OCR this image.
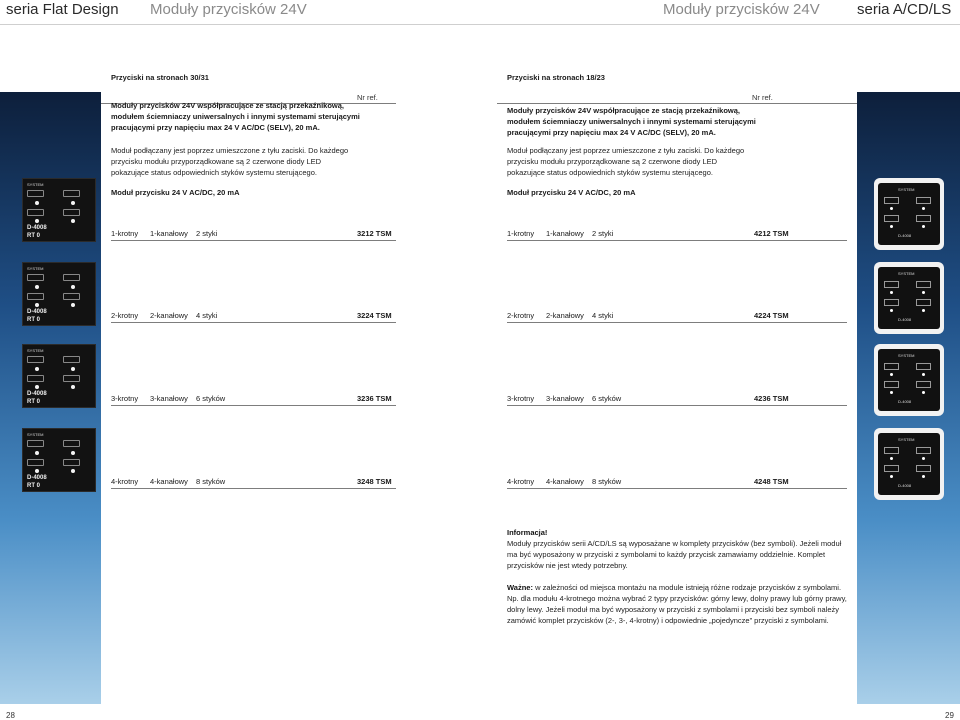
seria Flat Design Moduły przycisków 24V	Moduły przycisków 24V seria A/CD/LS
Przyciski na stronach 30/31	Przyciski na stronach 18/23
Nr ref.
Moduły przycisków 24V współpracujące ze stacją przekaźnikową, modułem ściemniaczy uniwersalnych i innymi systemami sterującymi pracującymi przy napięciu max 24 V AC/DC (SELV), 20 mA.
Moduł podłączany jest poprzez umieszczone z tyłu zaciski. Do każdego przycisku modułu przyporządkowane są 2 czerwone diody LED pokazujące status odpowiednich styków systemu sterującego.
Moduł przycisku 24 V AC/DC, 20 mA
1-krotny 1-kanałowy 2 styki	3212 TSM
2-krotny 2-kanałowy 4 styki	3224 TSM
3-krotny 3-kanałowy 6 styków	3236 TSM
4-krotny 4-kanałowy 8 styków	3248 TSM
SYSTEM
D-4008
RT 0
SYSTEM
D-4008
RT 0
SYSTEM
D-4008
RT 0
SYSTEM
D-4008
RT 0
Nr ref.
Moduły przycisków 24V współpracujące ze stacją przekaźnikową, modułem ściemniaczy uniwersalnych i innymi systemami sterującymi pracującymi przy napięciu max 24 V AC/DC (SELV), 20 mA.
Moduł podłączany jest poprzez umieszczone z tyłu zaciski. Do każdego przycisku modułu przyporządkowane są 2 czerwone diody LED pokazujące status odpowiednich styków systemu sterującego.
Moduł przycisku 24 V AC/DC, 20 mA
1-krotny 1-kanałowy 2 styki	4212 TSM
2-krotny 2-kanałowy 4 styki	4224 TSM
3-krotny 3-kanałowy 6 styków	4236 TSM
4-krotny 4-kanałowy 8 styków	4248 TSM
SYSTEM
D-4008
SYSTEM
D-4008
SYSTEM
D-4008
SYSTEM
D-4008
Informacja!
Moduły przycisków serii A/CD/LS są wyposażane w komplety przycisków (bez symboli). Jeżeli moduł ma być wyposażony w przyciski z symbolami to każdy przycisk zamawiamy oddzielnie. Komplet przycisków nie jest wtedy potrzebny.
Ważne: w zależności od miejsca montażu na module istnieją różne rodzaje przycisków z symbolami. Np. dla modułu 4-krotnego można wybrać 2 typy przycisków: górny lewy, dolny prawy lub górny prawy, dolny lewy. Jeżeli moduł ma być wyposażony w przyciski z symbolami i przyciski bez symboli należy zamówić komplet przycisków (2-, 3-, 4-krotny) i odpowiednie „pojedyncze” przyciski z symbolami.
28	29
